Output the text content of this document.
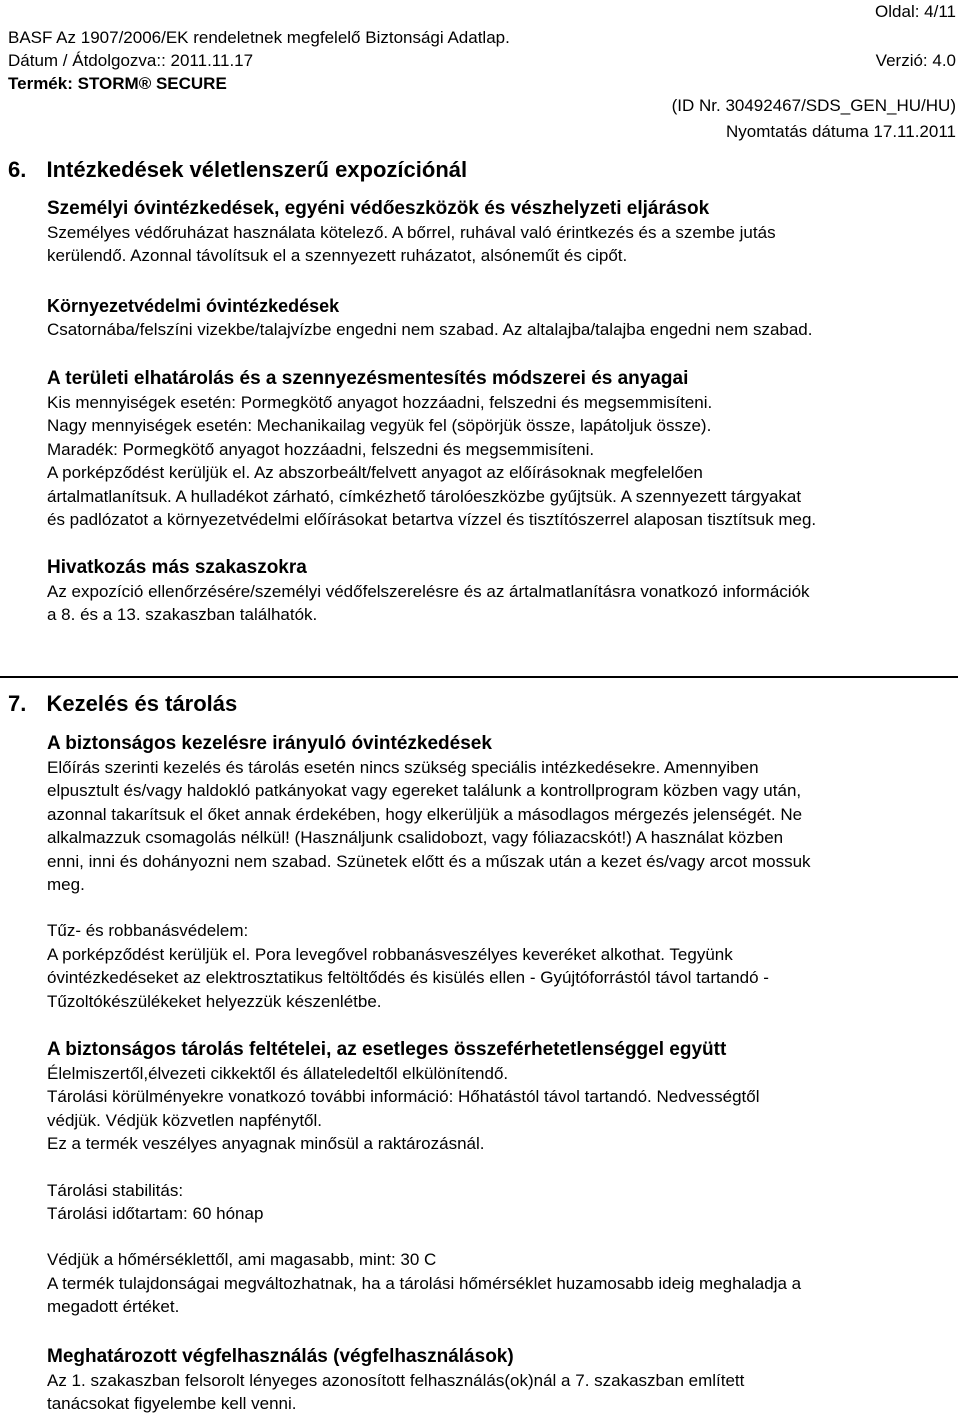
Oldal: 4/11
BASF Az 1907/2006/EK rendeletnek megfelelő Biztonsági Adatlap.
Dátum / Átdolgozva:: 2011.11.17	Verzió: 4.0
Termék: STORM® SECURE
(ID Nr. 30492467/SDS_GEN_HU/HU)
Nyomtatás dátuma 17.11.2011
6. Intézkedések véletlenszerű expozíciónál
Személyi óvintézkedések, egyéni védőeszközök és vészhelyzeti eljárások
Személyes védőruházat használata kötelező. A bőrrel, ruhával való érintkezés és a szembe jutás
kerülendő. Azonnal távolítsuk el a szennyezett ruházatot, alsóneműt és cipőt.
Környezetvédelmi óvintézkedések
Csatornába/felszíni vizekbe/talajvízbe engedni nem szabad. Az altalajba/talajba engedni nem szabad.
A területi elhatárolás és a szennyezésmentesítés módszerei és anyagai
Kis mennyiségek esetén: Pormegkötő anyagot hozzáadni, felszedni és megsemmisíteni.
Nagy mennyiségek esetén: Mechanikailag vegyük fel (söpörjük össze, lapátoljuk össze).
Maradék: Pormegkötő anyagot hozzáadni, felszedni és megsemmisíteni.
A porképződést kerüljük el. Az abszorbeált/felvett anyagot az előírásoknak megfelelően
ártalmatlanítsuk. A hulladékot zárható, címkézhető tárolóeszközbe gyűjtsük. A szennyezett tárgyakat
és padlózatot a környezetvédelmi előírásokat betartva vízzel és tisztítószerrel alaposan tisztítsuk meg.
Hivatkozás más szakaszokra
Az expozíció ellenőrzésére/személyi védőfelszerelésre és az ártalmatlanításra vonatkozó információk
a 8. és a 13. szakaszban találhatók.
7. Kezelés és tárolás
A biztonságos kezelésre irányuló óvintézkedések
Előírás szerinti kezelés és tárolás esetén nincs szükség speciális intézkedésekre. Amennyiben
elpusztult és/vagy haldokló patkányokat vagy egereket találunk a kontrollprogram közben vagy után,
azonnal takarítsuk el őket annak érdekében, hogy elkerüljük a másodlagos mérgezés jelenségét. Ne
alkalmazzuk csomagolás nélkül! (Használjunk csalidobozt, vagy fóliazacskót!) A használat közben
enni, inni és dohányozni nem szabad. Szünetek előtt és a műszak után a kezet és/vagy arcot mossuk
meg.
Tűz- és robbanásvédelem:
A porképződést kerüljük el. Pora levegővel robbanásveszélyes keveréket alkothat. Tegyünk
óvintézkedéseket az elektrosztatikus feltöltődés és kisülés ellen - Gyújtóforrástól távol tartandó -
Tűzoltókészülékeket helyezzük készenlétbe.
A biztonságos tárolás feltételei, az esetleges összeférhetetlenséggel együtt
Élelmiszertől,élvezeti cikkektől és állateledeltől elkülönítendő.
Tárolási körülményekre vonatkozó további információ: Hőhatástól távol tartandó. Nedvességtől
védjük. Védjük közvetlen napfénytől.
Ez a termék veszélyes anyagnak minősül a raktározásnál.
Tárolási stabilitás:
Tárolási időtartam: 60 hónap
Védjük a hőmérséklettől, ami magasabb, mint: 30 C
A termék tulajdonságai megváltozhatnak, ha a tárolási hőmérséklet huzamosabb ideig meghaladja a
megadott értéket.
Meghatározott végfelhasználás (végfelhasználások)
Az 1. szakaszban felsorolt lényeges azonosított felhasználás(ok)nál a 7. szakaszban említett
tanácsokat figyelembe kell venni.
